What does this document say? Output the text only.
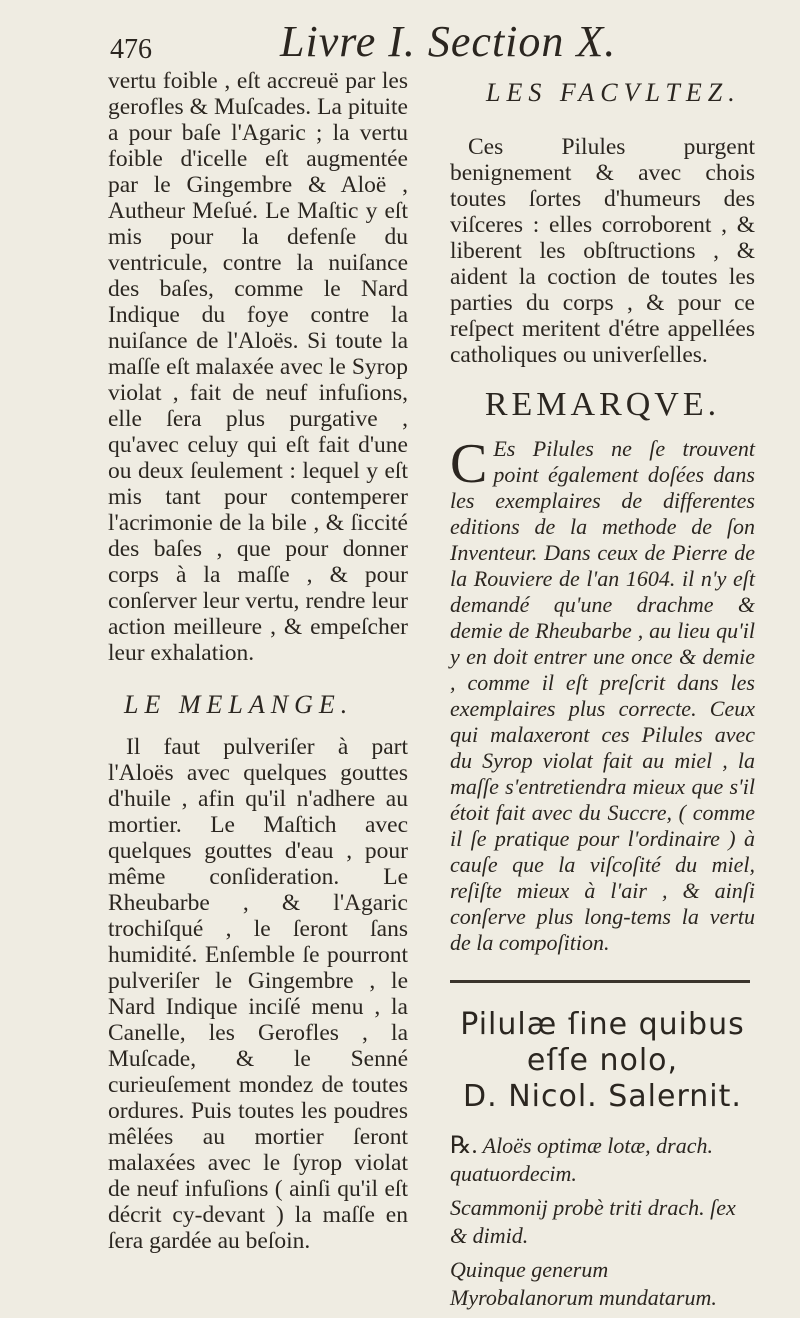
476	Livre I. Section X.

vertu foible , eſt accreuë par les gerofles & Muſcades. La pituite a pour baſe l'Agaric ; la vertu foible d'icelle eſt augmentée par le Gingembre & Aloë , Autheur Meſué. Le Maſtic y eſt mis pour la defenſe du ventricule, contre la nuiſance des baſes, comme le Nard Indique du foye contre la nuiſance de l'Aloës. Si toute la maſſe eſt malaxée avec le Syrop violat , fait de neuf infuſions, elle ſera plus purgative , qu'avec celuy qui eſt fait d'une ou deux ſeulement : lequel y eſt mis tant pour contemperer l'acrimonie de la bile , & ſiccité des baſes , que pour donner corps à la maſſe , & pour conſerver leur vertu, rendre leur action meilleure , & empeſcher leur exhalation.

LE MELANGE.

Il faut pulveriſer à part l'Aloës avec quelques gouttes d'huile , afin qu'il n'adhere au mortier. Le Maſtich avec quelques gouttes d'eau , pour même conſideration. Le Rheubarbe , & l'Agaric trochiſqué , le ſeront ſans humidité. Enſemble ſe pourront pulveriſer le Gingembre , le Nard Indique inciſé menu , la Canelle, les Gerofles , la Muſcade, & le Senné curieuſement mondez de toutes ordures. Puis toutes les poudres mêlées au mortier ſeront malaxées avec le ſyrop violat de neuf infuſions ( ainſi qu'il eſt décrit cy-devant ) la maſſe en ſera gardée au beſoin.

LES FACVLTEZ.

Ces Pilules purgent benignement & avec chois toutes ſortes d'humeurs des viſceres : elles corroborent , & liberent les obſtructions , & aident la coction de toutes les parties du corps , & pour ce reſpect meritent d'étre appellées catholiques ou univerſelles.

REMARQVE.

C Es Pilules ne ſe trouvent point également doſées dans les exemplaires de differentes editions de la methode de ſon Inventeur. Dans ceux de Pierre de la Rouviere de l'an 1604. il n'y eſt demandé qu'une drachme & demie de Rheubarbe , au lieu qu'il y en doit entrer une once & demie , comme il eſt preſcrit dans les exemplaires plus correcte. Ceux qui malaxeront ces Pilules avec du Syrop violat fait au miel , la maſſe s'entretiendra mieux que s'il étoit fait avec du Succre, ( comme il ſe pratique pour l'ordinaire ) à cauſe que la viſcoſité du miel, reſiſte mieux à l'air , & ainſi conſerve plus long-tems la vertu de la compoſition.

Pilulæ ſine quibus eſſe nolo,

D. Nicol. Salernit.

℞. Aloës optimæ lotæ, drach. quatuordecim.

Scammonij probè triti drach. ſex & dimid.

Quinque generum Myrobalanorum mundatarum.
